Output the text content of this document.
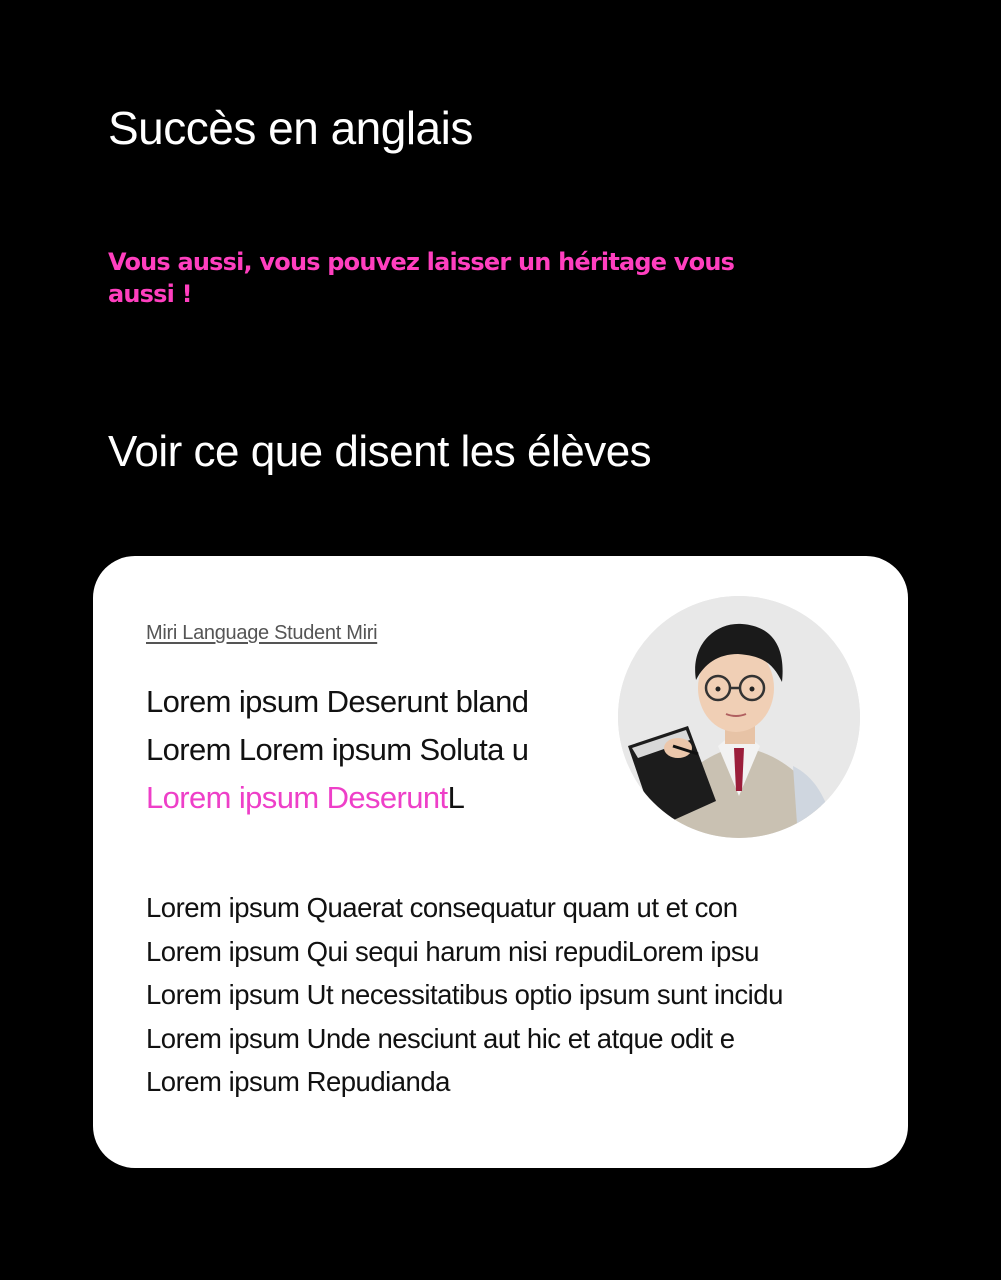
Succès en anglais

Vous aussi, vous pouvez laisser un héritage vous aussi !

Voir ce que disent les élèves
Miri Language Student Miri
Lorem ipsum Deserunt bland
Lorem Lorem ipsum Soluta u
Lorem ipsum DeseruntL
Lorem ipsum Quaerat consequatur quam ut et con
Lorem ipsum Qui sequi harum nisi repudiLorem ipsu
Lorem ipsum Ut necessitatibus optio ipsum sunt incidu
Lorem ipsum Unde nesciunt aut hic et atque odit e
Lorem ipsum Repudianda
